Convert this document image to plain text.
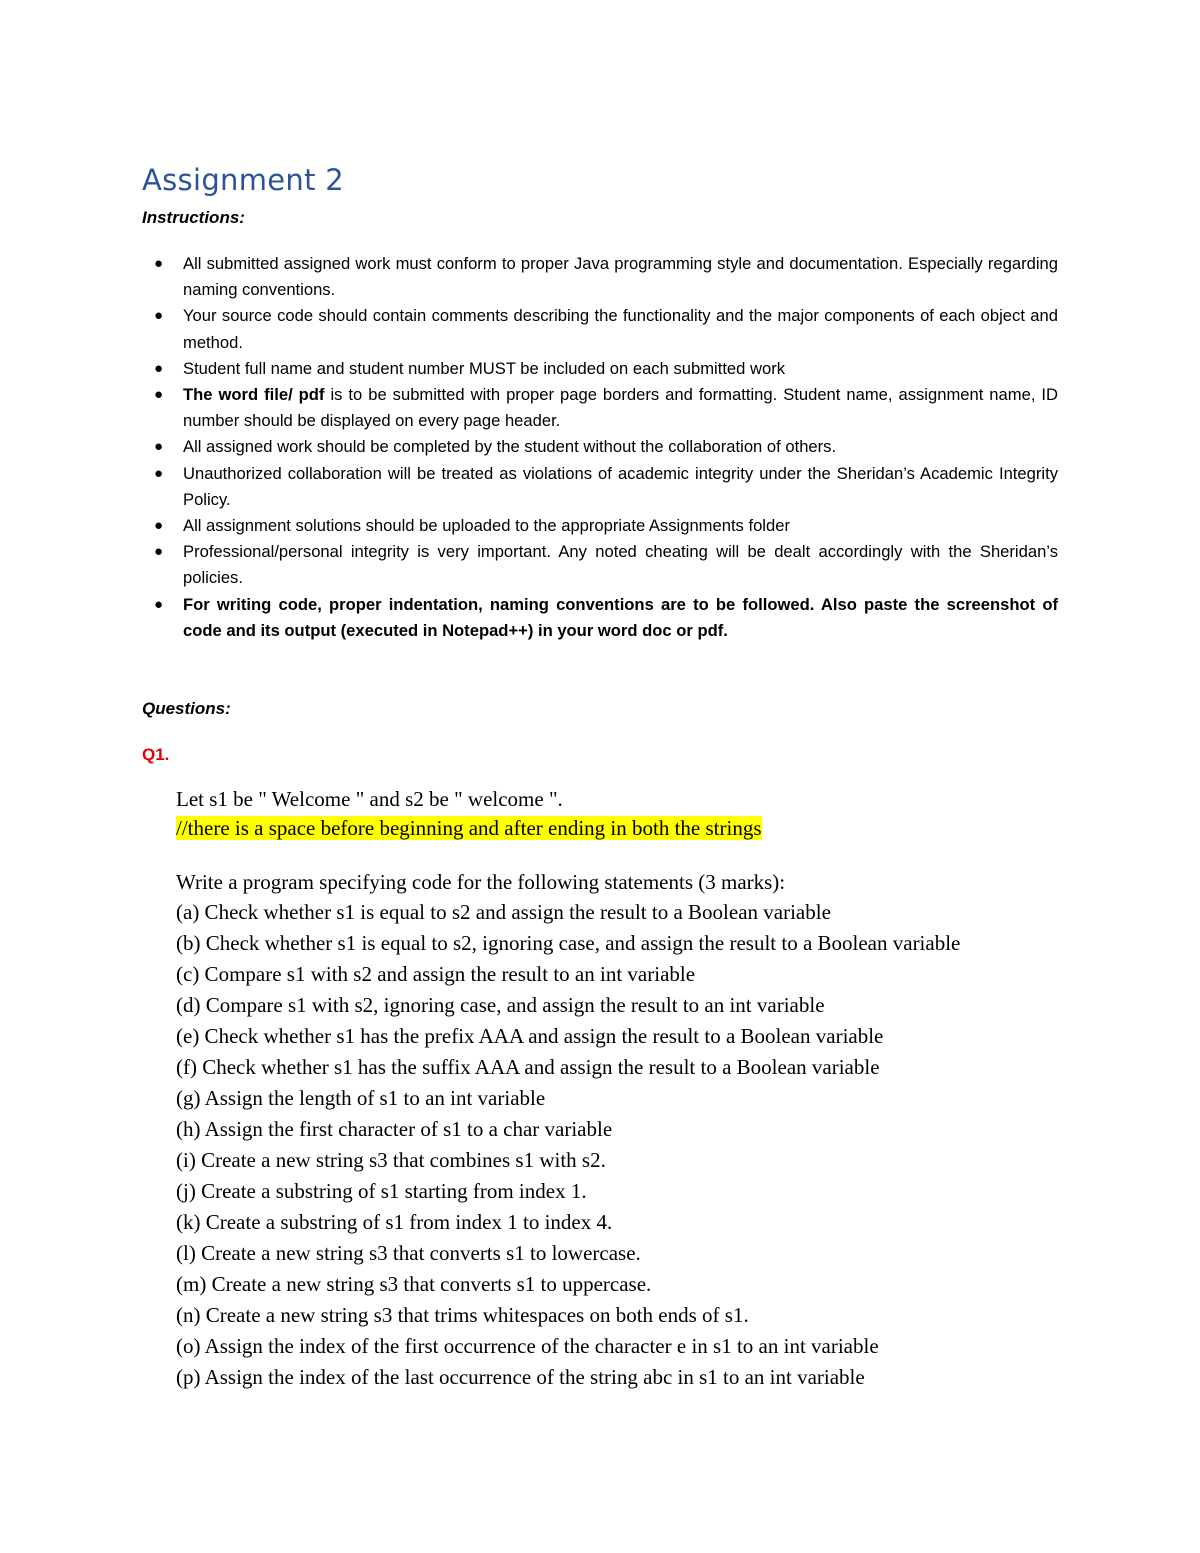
Assignment 2

Instructions:

● All submitted assigned work must conform to proper Java programming style and documentation. Especially regarding naming conventions.
● Your source code should contain comments describing the functionality and the major components of each object and method.
● Student full name and student number MUST be included on each submitted work
● The word file/ pdf is to be submitted with proper page borders and formatting. Student name, assignment name, ID number should be displayed on every page header.
● All assigned work should be completed by the student without the collaboration of others.
● Unauthorized collaboration will be treated as violations of academic integrity under the Sheridan’s Academic Integrity Policy.
● All assignment solutions should be uploaded to the appropriate Assignments folder
● Professional/personal integrity is very important. Any noted cheating will be dealt accordingly with the Sheridan’s policies.
● For writing code, proper indentation, naming conventions are to be followed. Also paste the screenshot of code and its output (executed in Notepad++) in your word doc or pdf.

Questions:

Q1.

Let s1 be " Welcome " and s2 be " welcome ".

//there is a space before beginning and after ending in both the strings

Write a program specifying code for the following statements (3 marks):

(a) Check whether s1 is equal to s2 and assign the result to a Boolean variable
(b) Check whether s1 is equal to s2, ignoring case, and assign the result to a Boolean variable
(c) Compare s1 with s2 and assign the result to an int variable
(d) Compare s1 with s2, ignoring case, and assign the result to an int variable
(e) Check whether s1 has the prefix AAA and assign the result to a Boolean variable
(f) Check whether s1 has the suffix AAA and assign the result to a Boolean variable
(g) Assign the length of s1 to an int variable
(h) Assign the first character of s1 to a char variable
(i) Create a new string s3 that combines s1 with s2.
(j) Create a substring of s1 starting from index 1.
(k) Create a substring of s1 from index 1 to index 4.
(l) Create a new string s3 that converts s1 to lowercase.
(m) Create a new string s3 that converts s1 to uppercase.
(n) Create a new string s3 that trims whitespaces on both ends of s1.
(o) Assign the index of the first occurrence of the character e in s1 to an int variable
(p) Assign the index of the last occurrence of the string abc in s1 to an int variable
